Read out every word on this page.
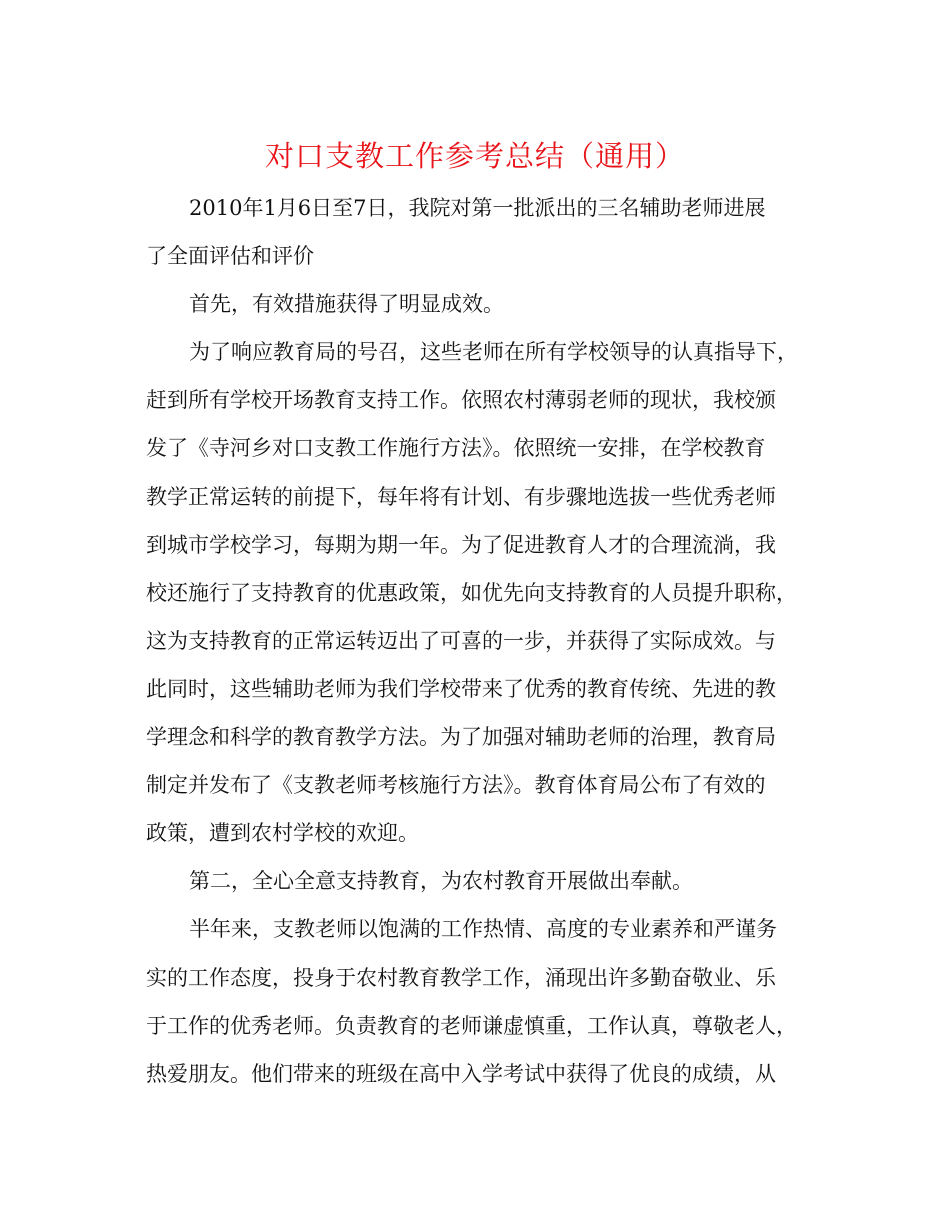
对口支教工作参考总结（通用）
2010年1月6日至7日，我院对第一批派出的三名辅助老师进展
了全面评估和评价
首先，有效措施获得了明显成效。
为了响应教育局的号召，这些老师在所有学校领导的认真指导下，
赶到所有学校开场教育支持工作。依照农村薄弱老师的现状，我校颁
发了《寺河乡对口支教工作施行方法》。依照统一安排，在学校教育
教学正常运转的前提下，每年将有计划、有步骤地选拔一些优秀老师
到城市学校学习，每期为期一年。为了促进教育人才的合理流淌，我
校还施行了支持教育的优惠政策，如优先向支持教育的人员提升职称，
这为支持教育的正常运转迈出了可喜的一步，并获得了实际成效。与
此同时，这些辅助老师为我们学校带来了优秀的教育传统、先进的教
学理念和科学的教育教学方法。为了加强对辅助老师的治理，教育局
制定并发布了《支教老师考核施行方法》。教育体育局公布了有效的
政策，遭到农村学校的欢迎。
第二，全心全意支持教育，为农村教育开展做出奉献。
半年来，支教老师以饱满的工作热情、高度的专业素养和严谨务
实的工作态度，投身于农村教育教学工作，涌现出许多勤奋敬业、乐
于工作的优秀老师。负责教育的老师谦虚慎重，工作认真，尊敬老人，
热爱朋友。他们带来的班级在高中入学考试中获得了优良的成绩，从
